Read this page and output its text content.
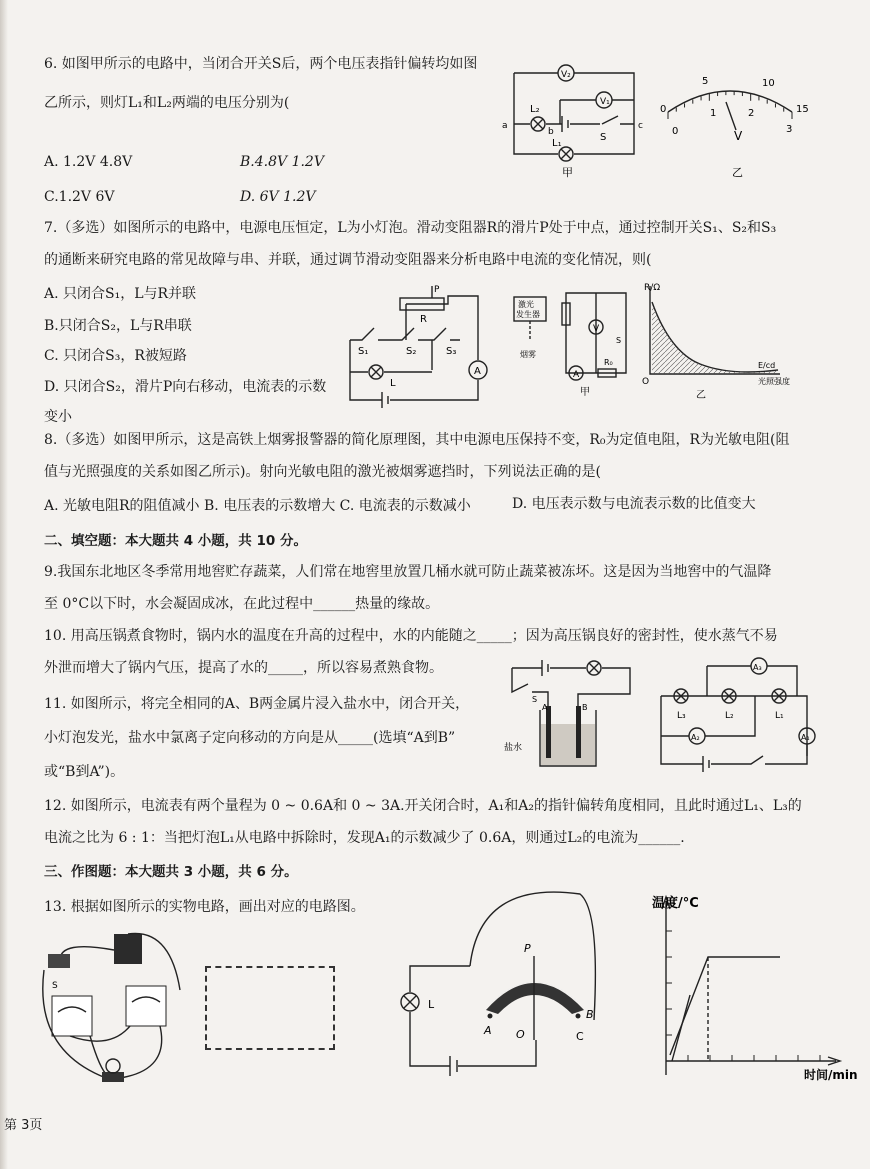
6. 如图甲所示的电路中，当闭合开关S后，两个电压表指针偏转均如图
乙所示，则灯L₁和L₂两端的电压分别为(
A. 1.2V 4.8V	B.4.8V 1.2V
C.1.2V 6V	D. 6V 1.2V
V₂
V₁
L₂
S
L₁
a
b
c
甲
0
5	10
15
0
1	2
3
V
乙
7.（多选）如图所示的电路中，电源电压恒定，L为小灯泡。滑动变阻器R的滑片P处于中点，通过控制开关S₁、S₂和S₃
的通断来研究电路的常见故障与串、并联，通过调节滑动变阻器来分析电路中电流的变化情况，则(
A. 只闭合S₁，L与R并联
B.只闭合S₂，L与R串联
C. 只闭合S₃，R被短路
D. 只闭合S₂，滑片P向右移动，电流表的示数
变小
P
R
L
A
S₁	S₂	S₃
激光
发生器
烟雾
V
A
R₀
S
甲
R/Ω
O
E/cd
光照强度
乙
8.（多选）如图甲所示，这是高铁上烟雾报警器的简化原理图，其中电源电压保持不变，R₀为定值电阻，R为光敏电阻(阻
值与光照强度的关系如图乙所示)。射向光敏电阻的激光被烟雾遮挡时，下列说法正确的是(
A. 光敏电阻R的阻值减小 B. 电压表的示数增大 C. 电流表的示数减小	D. 电压表示数与电流表示数的比值变大
二、填空题：本大题共 4 小题，共 10 分。
9.我国东北地区冬季常用地窖贮存蔬菜，人们常在地窖里放置几桶水就可防止蔬菜被冻坏。这是因为当地窖中的气温降
至 0°C以下时，水会凝固成冰，在此过程中______热量的缘故。
10. 用高压锅煮食物时，锅内水的温度在升高的过程中，水的内能随之_____；因为高压锅良好的密封性，使水蒸气不易
外泄而增大了锅内气压，提高了水的_____，所以容易煮熟食物。
11. 如图所示，将完全相同的A、B两金属片浸入盐水中，闭合开关，
小灯泡发光，盐水中氯离子定向移动的方向是从_____(选填“A到B”
或“B到A”)。
S
A	B
盐水
A₃
L₃	L₂	L₁
A₂	A₁
12. 如图所示，电流表有两个量程为 0 ~ 0.6A和 0 ~ 3A.开关闭合时，A₁和A₂的指针偏转角度相同，且此时通过L₁、L₃的
电流之比为 6 : 1：当把灯泡L₁从电路中拆除时，发现A₁的示数减少了 0.6A，则通过L₂的电流为______.
三、作图题：本大题共 3 小题，共 6 分。
13. 根据如图所示的实物电路，画出对应的电路图。
S
L
P
A O
B
C
温度/°C
时间/min
第 3页
